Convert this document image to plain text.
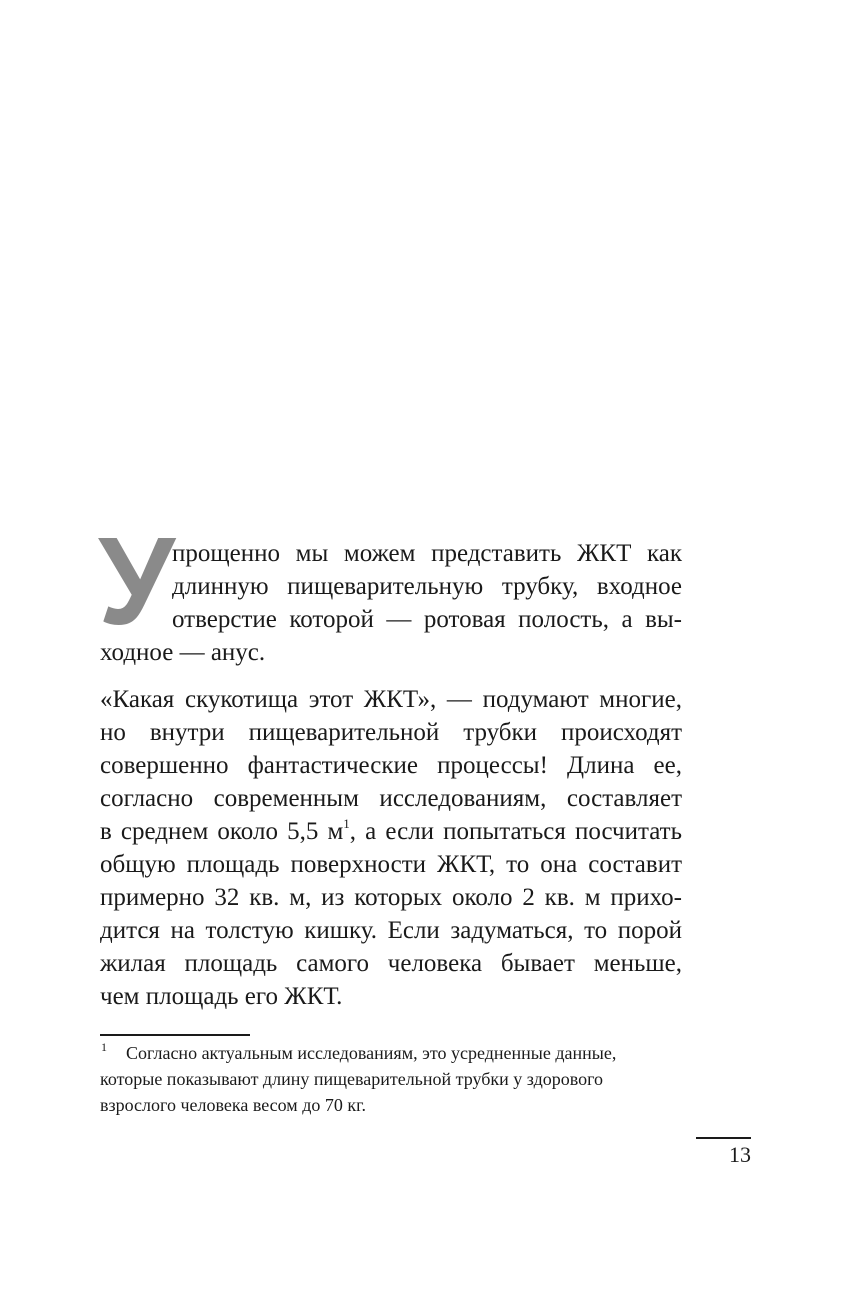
У
прощенно мы можем представить ЖКТ как
длинную пищеварительную трубку, входное
отверстие которой — ротовая полость, а вы-
ходное — анус.
«Какая скукотища этот ЖКТ», — подумают многие,
но внутри пищеварительной трубки происходят
совершенно фантастические процессы! Длина ее,
согласно современным исследованиям, составляет
в среднем около 5,5 м$^1$, а если попытаться посчитать
общую площадь поверхности ЖКТ, то она составит
примерно 32 кв. м, из которых около 2 кв. м прихо-
дится на толстую кишку. Если задуматься, то порой
жилая площадь самого человека бывает меньше,
чем площадь его ЖКТ.
1 Согласно актуальным исследованиям, это усредненные данные,
которые показывают длину пищеварительной трубки у здорового
взрослого человека весом до 70 кг.
13
